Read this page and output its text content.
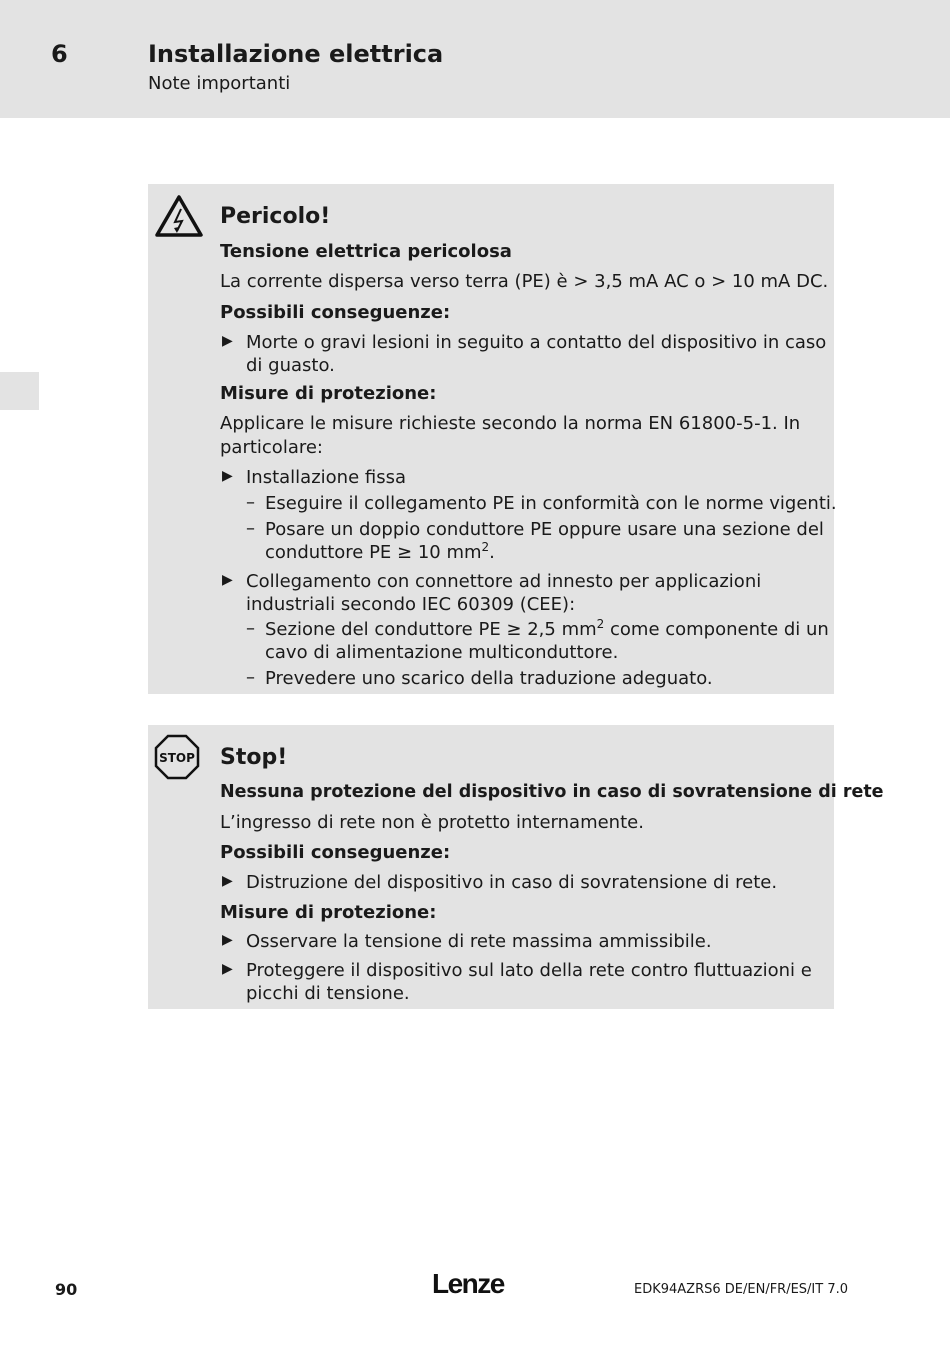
6	Installazione elettrica
Note importanti
Pericolo!
Tensione elettrica pericolosa
La corrente dispersa verso terra (PE) è > 3,5 mA AC o > 10 mA DC.
Possibili conseguenze:
▶ Morte o gravi lesioni in seguito a contatto del dispositivo in caso
di guasto.
Misure di protezione:
Applicare le misure richieste secondo la norma EN 61800-5-1. In
particolare:
▶ Installazione fissa
– Eseguire il collegamento PE in conformità con le norme vigenti.
– Posare un doppio conduttore PE oppure usare una sezione del
conduttore PE ≥ 10 $mm^2$.
▶ Collegamento con connettore ad innesto per applicazioni
industriali secondo IEC 60309 (CEE):
– Sezione del conduttore PE ≥ 2,5 $mm^2$ come componente di un
cavo di alimentazione multiconduttore.
– Prevedere uno scarico della traduzione adeguato.
STOP Stop!
Nessuna protezione del dispositivo in caso di sovratensione di rete
L’ingresso di rete non è protetto internamente.
Possibili conseguenze:
▶ Distruzione del dispositivo in caso di sovratensione di rete.
Misure di protezione:
▶ Osservare la tensione di rete massima ammissibile.
▶ Proteggere il dispositivo sul lato della rete contro fluttuazioni e
picchi di tensione.
90	Lenze	EDK94AZRS6 DE/EN/FR/ES/IT 7.0
